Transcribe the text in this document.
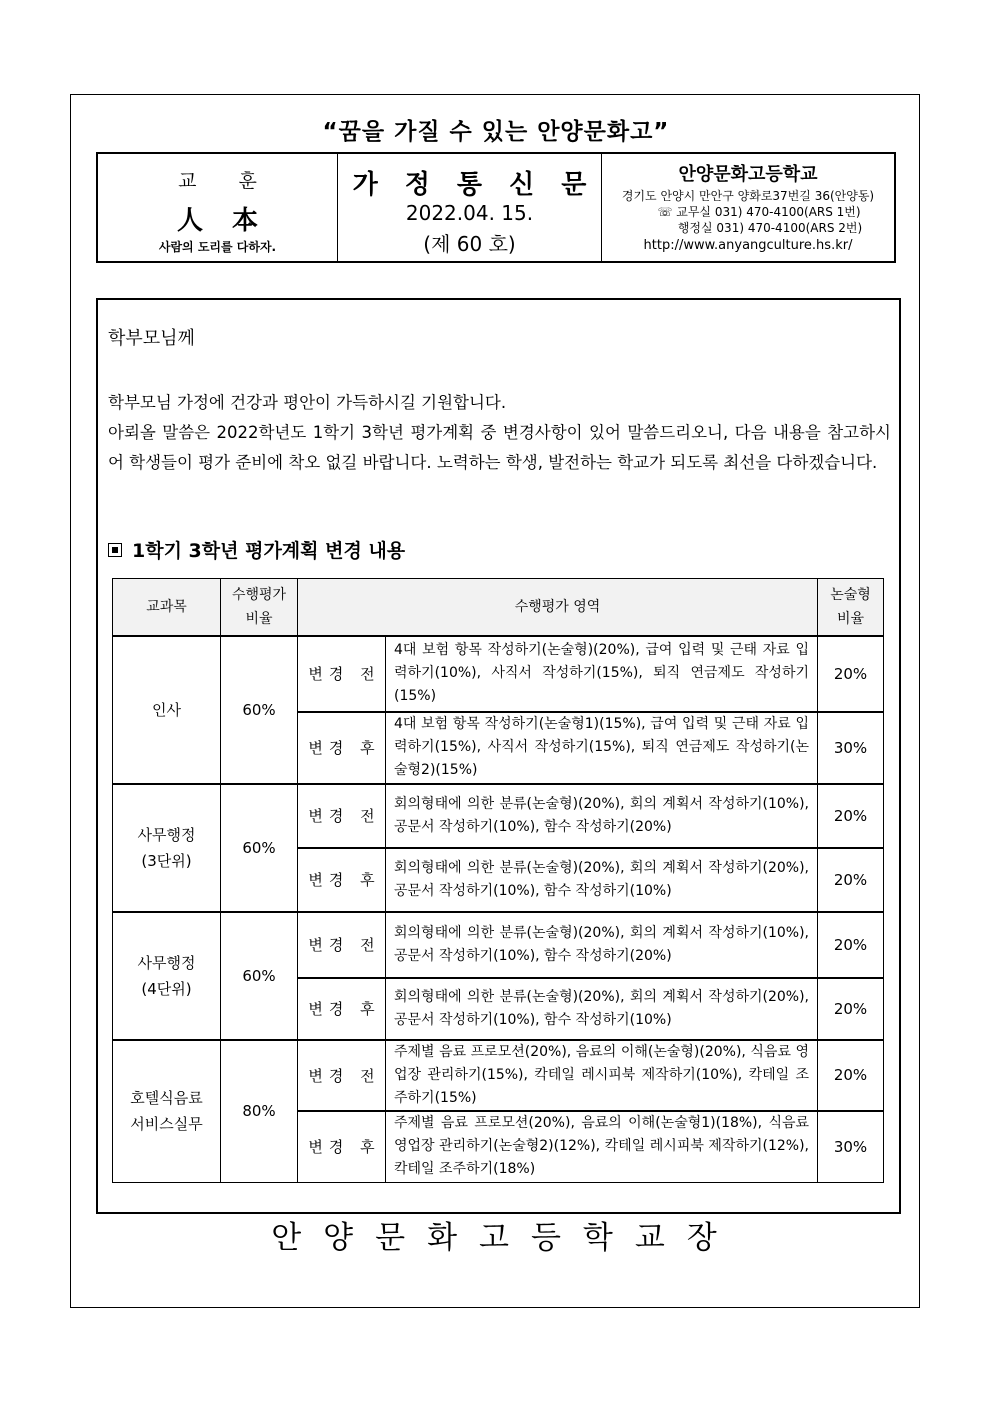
“꿈을 가질 수 있는 안양문화고”
교 훈
人 本
사람의 도리를 다하자.
가 정 통 신 문
2022.04. 15.
(제 60 호)
안양문화고등학교
경기도 안양시 만안구 양화로37번길 36(안양동)
☏ 교무실 031) 470-4100(ARS 1번)
행정실 031) 470-4100(ARS 2번)
http://www.anyangculture.hs.kr/
학부모님께
학부모님 가정에 건강과 평안이 가득하시길 기원합니다.
아뢰올 말씀은 2022학년도 1학기 3학년 평가계획 중 변경사항이 있어 말씀드리오니, 다음 내용을 참고하시어 학생들이 평가 준비에 착오 없길 바랍니다. 노력하는 학생, 발전하는 학교가 되도록 최선을 다하겠습니다.
1학기 3학년 평가계획 변경 내용
교과목	수행평가
비율	수행평가 영역		논술형
비율
인사	60%	변경 전	4대 보험 항목 작성하기(논술형)(20%), 급여 입력 및 근태 자료 입력하기(10%), 사직서 작성하기(15%), 퇴직 연금제도 작성하기(15%)	20%
		변경 후	4대 보험 항목 작성하기(논술형1)(15%), 급여 입력 및 근태 자료 입력하기(15%), 사직서 작성하기(15%), 퇴직 연금제도 작성하기(논술형2)(15%)	30%
사무행정
(3단위)	60%	변경 전	회의형태에 의한 분류(논술형)(20%), 회의 계획서 작성하기(10%), 공문서 작성하기(10%), 함수 작성하기(20%)	20%
		변경 후	회의형태에 의한 분류(논술형)(20%), 회의 계획서 작성하기(20%), 공문서 작성하기(10%), 함수 작성하기(10%)	20%
사무행정
(4단위)	60%	변경 전	회의형태에 의한 분류(논술형)(20%), 회의 계획서 작성하기(10%), 공문서 작성하기(10%), 함수 작성하기(20%)	20%
		변경 후	회의형태에 의한 분류(논술형)(20%), 회의 계획서 작성하기(20%), 공문서 작성하기(10%), 함수 작성하기(10%)	20%
호텔식음료
서비스실무	80%	변경 전	주제별 음료 프로모션(20%), 음료의 이해(논술형)(20%), 식음료 영업장 관리하기(15%), 칵테일 레시피북 제작하기(10%), 칵테일 조주하기(15%)	20%
		변경 후	주제별 음료 프로모션(20%), 음료의 이해(논술형1)(18%), 식음료 영업장 관리하기(논술형2)(12%), 칵테일 레시피북 제작하기(12%), 칵테일 조주하기(18%)	30%
안양문화고등학교장
